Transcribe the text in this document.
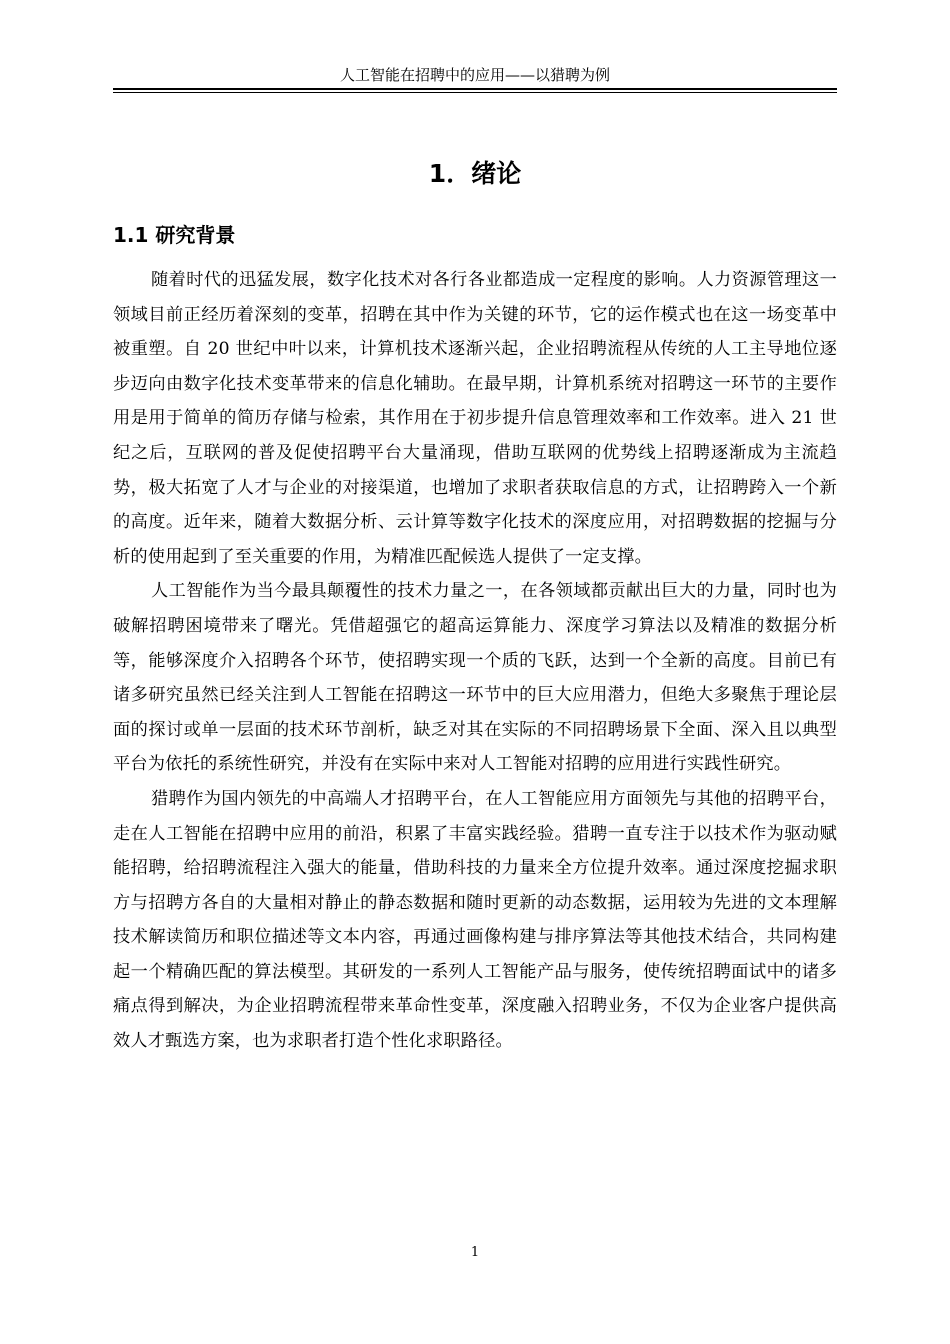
人工智能在招聘中的应用——以猎聘为例
1．绪论
1.1 研究背景

随着时代的迅猛发展，数字化技术对各行各业都造成一定程度的影响。人力资源管理这一领域目前正经历着深刻的变革，招聘在其中作为关键的环节，它的运作模式也在这一场变革中被重塑。自 20 世纪中叶以来，计算机技术逐渐兴起，企业招聘流程从传统的人工主导地位逐步迈向由数字化技术变革带来的信息化辅助。在最早期，计算机系统对招聘这一环节的主要作用是用于简单的简历存储与检索，其作用在于初步提升信息管理效率和工作效率。进入 21 世纪之后，互联网的普及促使招聘平台大量涌现，借助互联网的优势线上招聘逐渐成为主流趋势，极大拓宽了人才与企业的对接渠道，也增加了求职者获取信息的方式，让招聘跨入一个新的高度。近年来，随着大数据分析、云计算等数字化技术的深度应用，对招聘数据的挖掘与分析的使用起到了至关重要的作用，为精准匹配候选人提供了一定支撑。

人工智能作为当今最具颠覆性的技术力量之一，在各领域都贡献出巨大的力量，同时也为破解招聘困境带来了曙光。凭借超强它的超高运算能力、深度学习算法以及精准的数据分析等，能够深度介入招聘各个环节，使招聘实现一个质的飞跃，达到一个全新的高度。目前已有诸多研究虽然已经关注到人工智能在招聘这一环节中的巨大应用潜力，但绝大多聚焦于理论层面的探讨或单一层面的技术环节剖析，缺乏对其在实际的不同招聘场景下全面、深入且以典型平台为依托的系统性研究，并没有在实际中来对人工智能对招聘的应用进行实践性研究。

猎聘作为国内领先的中高端人才招聘平台，在人工智能应用方面领先与其他的招聘平台，走在人工智能在招聘中应用的前沿，积累了丰富实践经验。猎聘一直专注于以技术作为驱动赋能招聘，给招聘流程注入强大的能量，借助科技的力量来全方位提升效率。通过深度挖掘求职方与招聘方各自的大量相对静止的静态数据和随时更新的动态数据，运用较为先进的文本理解技术解读简历和职位描述等文本内容，再通过画像构建与排序算法等其他技术结合，共同构建起一个精确匹配的算法模型。其研发的一系列人工智能产品与服务，使传统招聘面试中的诸多痛点得到解决，为企业招聘流程带来革命性变革，深度融入招聘业务，不仅为企业客户提供高效人才甄选方案，也为求职者打造个性化求职路径。

1
